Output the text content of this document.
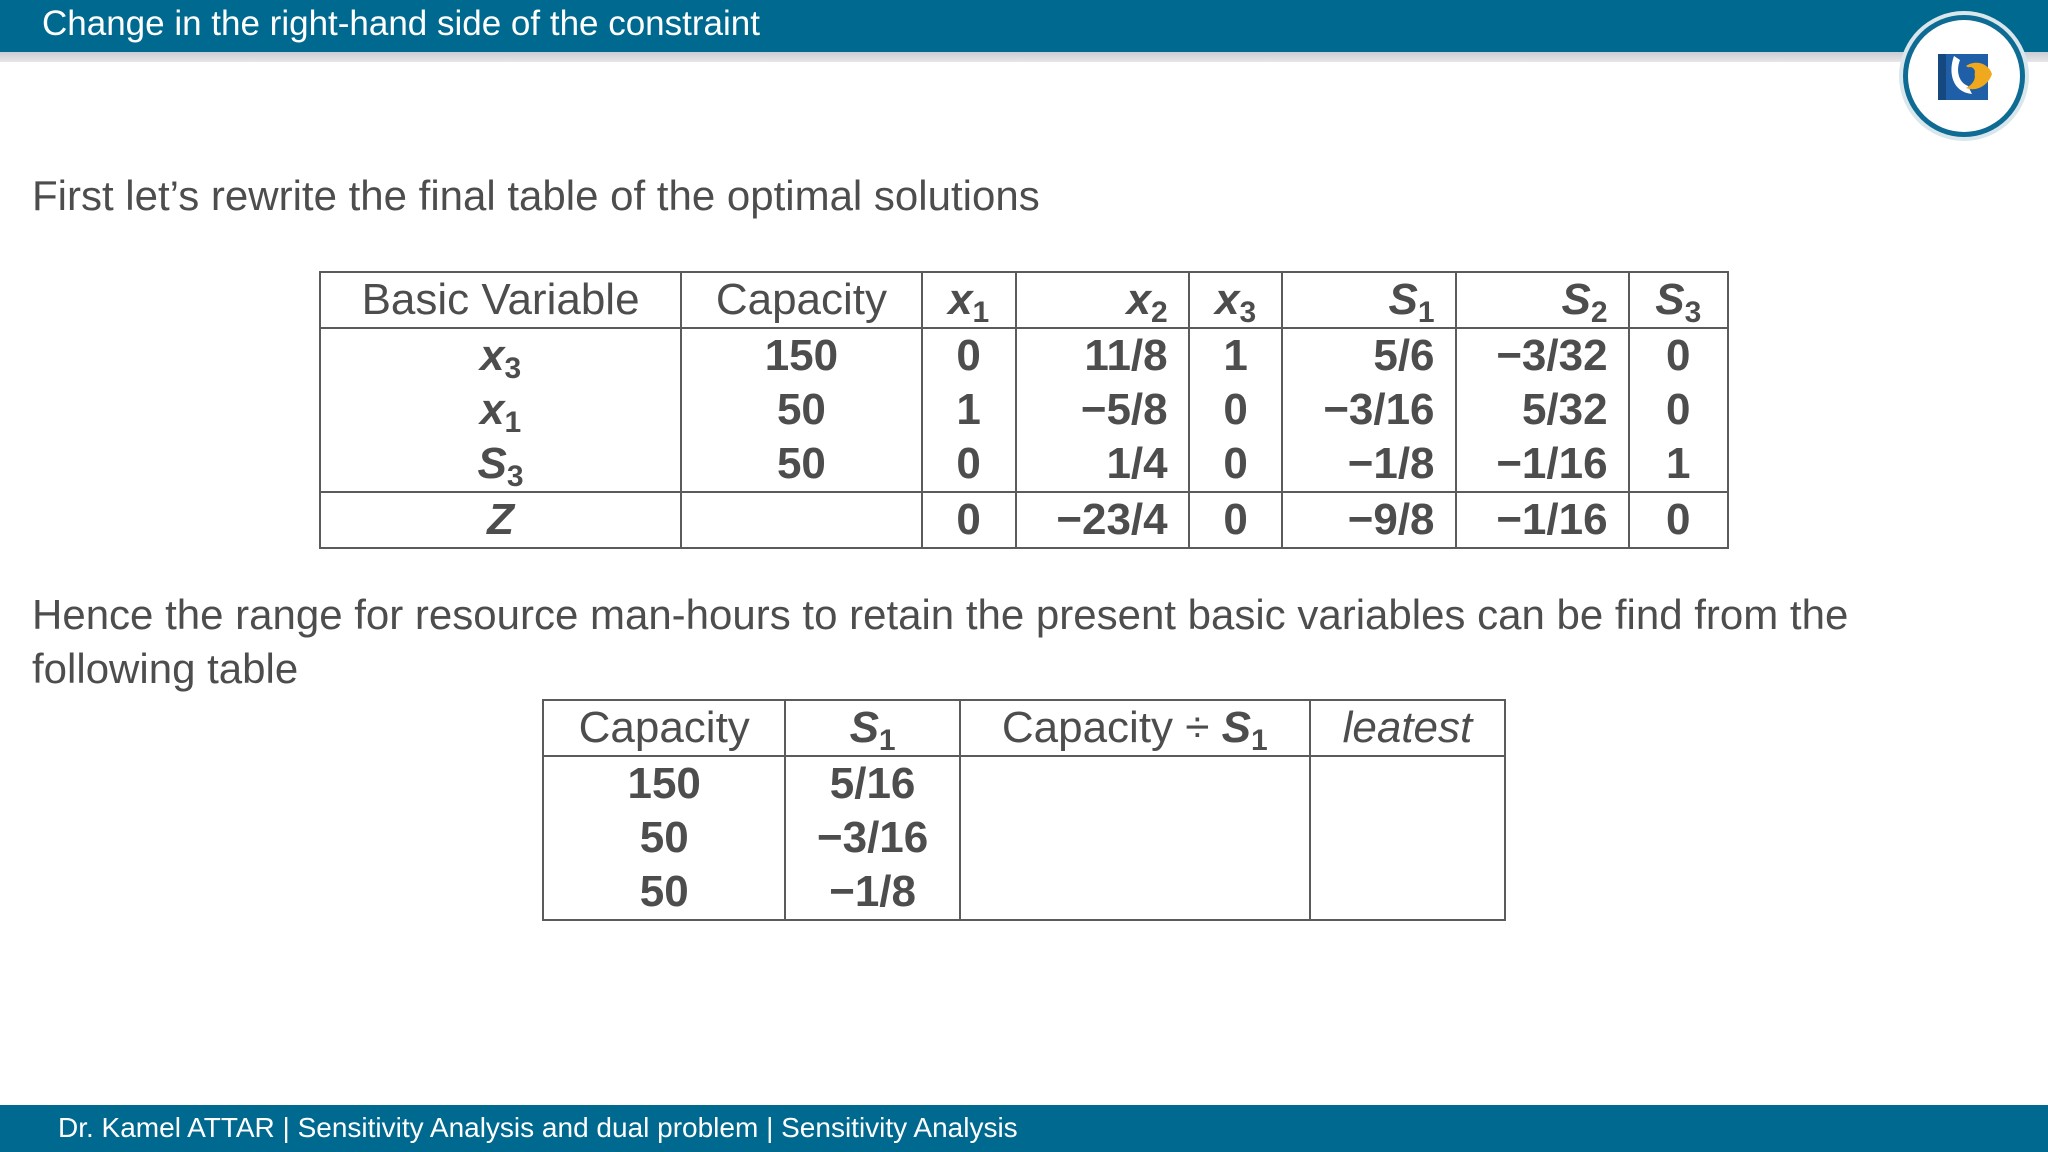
Change in the right-hand side of the constraint
First let’s rewrite the final table of the optimal solutions
Basic Variable	Capacity	$x_1$	$x_2$	$x_3$	$S_1$	$S_2$	$S_3$
$x_3$	150	0	11/8	1	5/6	−3/32	0
$x_1$	50	1	−5/8	0	−3/16	5/32	0
$S_3$	50	0	1/4	0	−1/8	−1/16	1
Z		0	−23/4	0	−9/8	−1/16	0
Hence the range for resource man-hours to retain the present basic variables can be find from the following table
Capacity	$S_1$	Capacity ÷ $S_1$	leatest
150	5/16		
50	−3/16		
50	−1/8		
Dr. Kamel ATTAR | Sensitivity Analysis and dual problem | Sensitivity Analysis
